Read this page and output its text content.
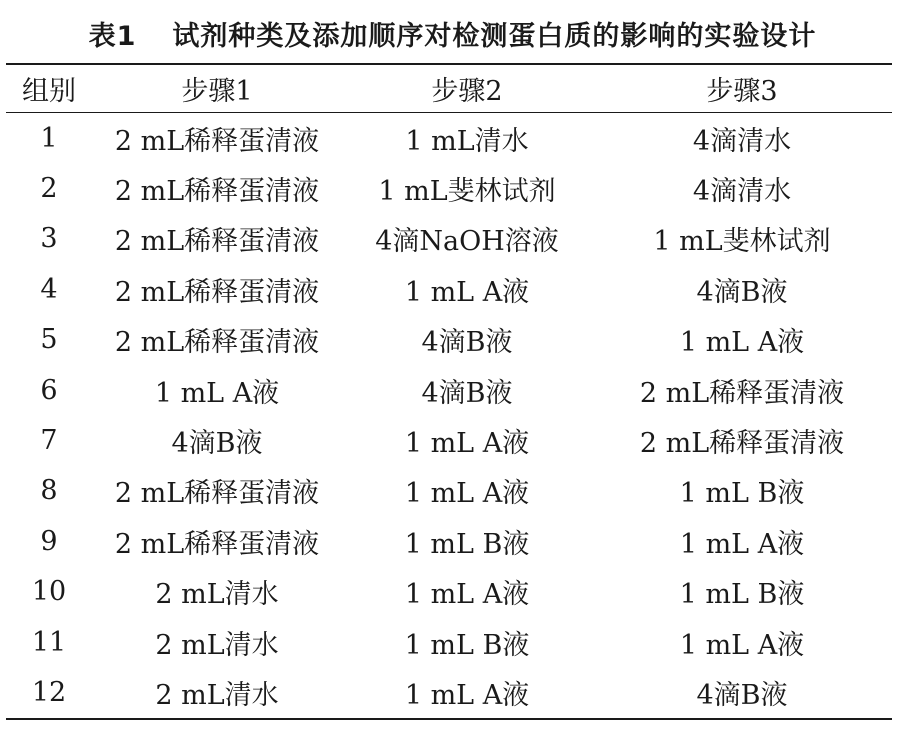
表1 试剂种类及添加顺序对检测蛋白质的影响的实验设计
组别	步骤1	步骤2	步骤3
1	2 mL稀释蛋清液	1 mL清水	4滴清水
2	2 mL稀释蛋清液	1 mL斐林试剂	4滴清水
3	2 mL稀释蛋清液	4滴NaOH溶液	1 mL斐林试剂
4	2 mL稀释蛋清液	1 mL A液	4滴B液
5	2 mL稀释蛋清液	4滴B液	1 mL A液
6	1 mL A液	4滴B液	2 mL稀释蛋清液
7	4滴B液	1 mL A液	2 mL稀释蛋清液
8	2 mL稀释蛋清液	1 mL A液	1 mL B液
9	2 mL稀释蛋清液	1 mL B液	1 mL A液
10	2 mL清水	1 mL A液	1 mL B液
11	2 mL清水	1 mL B液	1 mL A液
12	2 mL清水	1 mL A液	4滴B液
